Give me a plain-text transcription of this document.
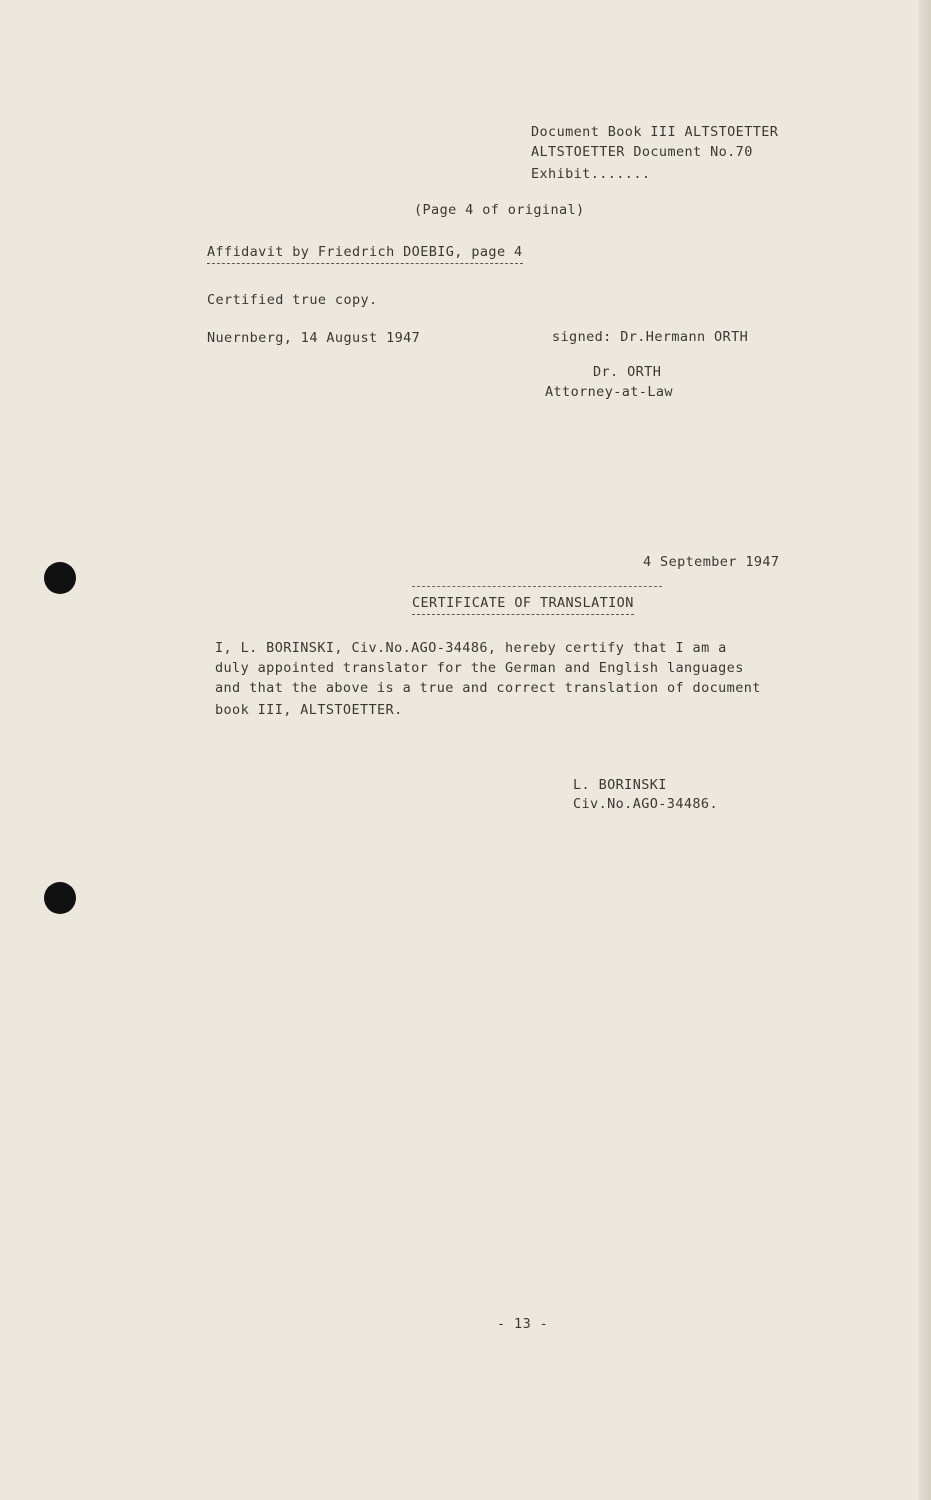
Document Book III ALTSTOETTER
ALTSTOETTER Document No.70
Exhibit.......
(Page 4 of original)
Affidavit by Friedrich DOEBIG, page 4
Certified true copy.
Nuernberg, 14 August 1947	signed: Dr.Hermann ORTH
Dr. ORTH
Attorney-at-Law
4 September 1947
CERTIFICATE OF TRANSLATION
I, L. BORINSKI, Civ.No.AGO-34486, hereby certify that I am a
duly appointed translator for the German and English languages
and that the above is a true and correct translation of document
book III, ALTSTOETTER.
L. BORINSKI
Civ.No.AGO-34486.
- 13 -
